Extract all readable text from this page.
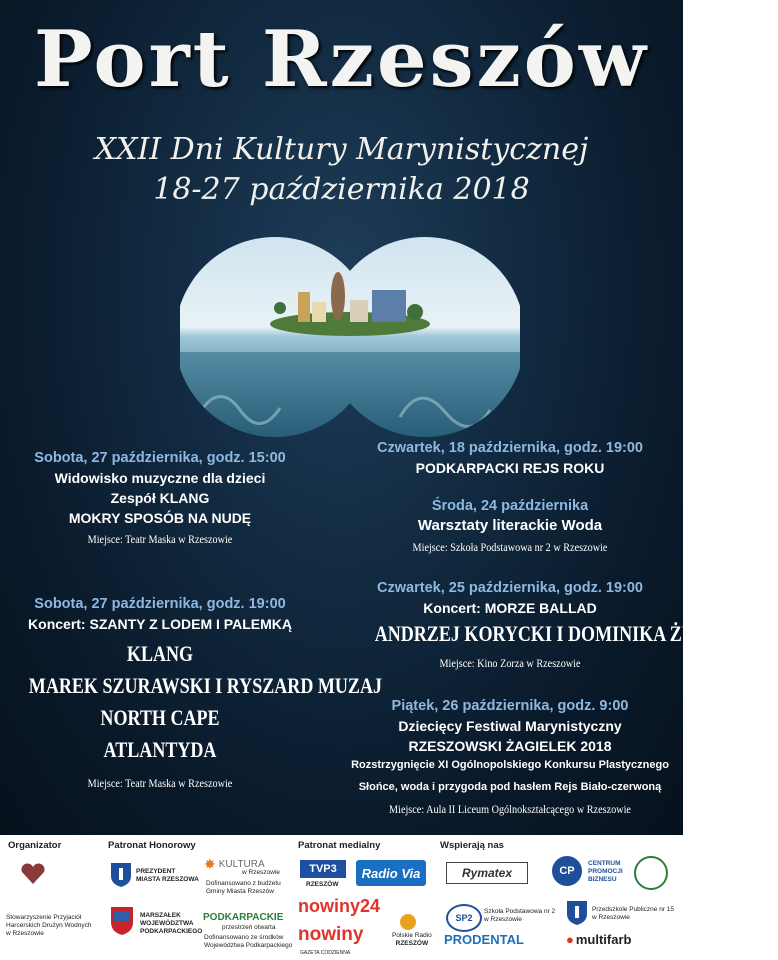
Port Rzeszów
XXII Dni Kultury Marynistycznej
18-27 października 2018
Sobota, 27 października, godz. 15:00
Widowisko muzyczne dla dzieci
Zespół KLANG
MOKRY SPOSÓB NA NUDĘ
Miejsce: Teatr Maska w Rzeszowie
Sobota, 27 października, godz. 19:00
Koncert: SZANTY Z LODEM I PALEMKĄ
KLANG
MAREK SZURAWSKI I RYSZARD MUZAJ
NORTH CAPE
ATLANTYDA
Miejsce: Teatr Maska w Rzeszowie
Czwartek, 18 października, godz. 19:00
PODKARPACKI REJS ROKU
Środa, 24 października
Warsztaty literackie Woda
Miejsce: Szkoła Podstawowa nr 2 w Rzeszowie
Czwartek, 25 października, godz. 19:00
Koncert: MORZE BALLAD
ANDRZEJ KORYCKI I DOMINIKA ŻUKOWSKA
Miejsce: Kino Zorza w Rzeszowie
Piątek, 26 października, godz. 9:00
Dziecięcy Festiwal Marynistyczny
RZESZOWSKI ŻAGIELEK 2018
Rozstrzygnięcie XI Ogólnopolskiego Konkursu Plastycznego
Słońce, woda i przygoda pod hasłem Rejs Biało-czerwoną
Miejsce: Aula II Liceum Ogólnokształcącego w Rzeszowie
Organizator
Stowarzyszenie Przyjaciół
Harcerskich Drużyn Wodnych
w Rzeszowie
Patronat Honorowy
PREZYDENT
MIASTA RZESZOWA
MARSZAŁEK
WOJEWÓDZTWA
PODKARPACKIEGO
✸ KULTURA
w Rzeszowie
Dofinansowano z budżetu
Gminy Miasta Rzeszów
PODKARPACKIE
przestrzeń otwarta
Dofinansowano ze środków
Województwa Podkarpackiego
Patronat medialny
TVP3
RZESZÓW
Radio Via
nowiny24
nowiny
GAZETA CODZIENNA
Polskie Radio
RZESZÓW
Wspierają nas
Rymatex	CP
CENTRUM
PROMOCJI
BIZNESU
SP2
Szkoła Podstawowa nr 2
w Rzeszowie
Przedszkole Publiczne nr 15
w Rzeszowie
PRODENTAL	● multifarb
